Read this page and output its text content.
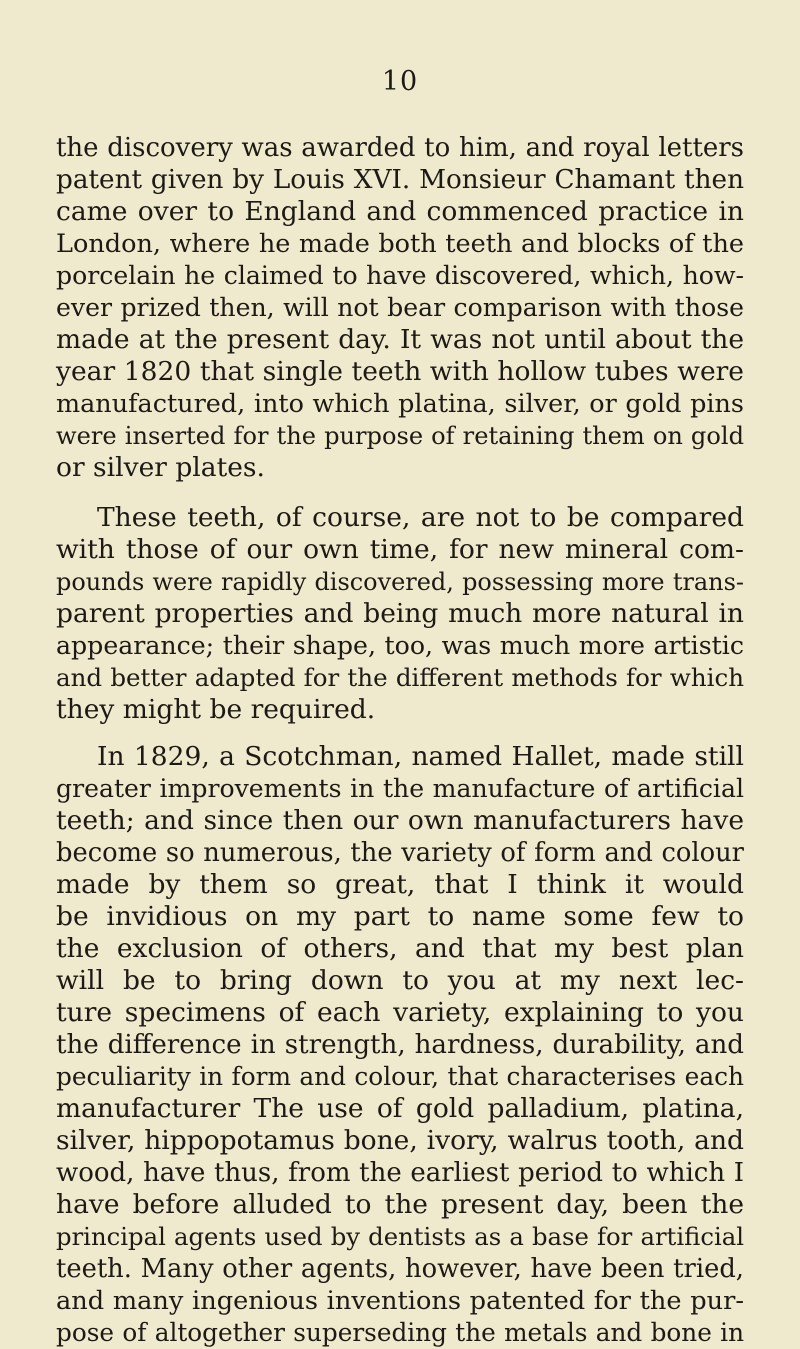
10
the discovery was awarded to him, and royal letters
patent given by Louis XVI. Monsieur Chamant then
came over to England and commenced practice in
London, where he made both teeth and blocks of the
porcelain he claimed to have discovered, which, how-
ever prized then, will not bear comparison with those
made at the present day. It was not until about the
year 1820 that single teeth with hollow tubes were
manufactured, into which platina, silver, or gold pins
were inserted for the purpose of retaining them on gold
or silver plates.
These teeth, of course, are not to be compared
with those of our own time, for new mineral com-
pounds were rapidly discovered, possessing more trans-
parent properties and being much more natural in
appearance; their shape, too, was much more artistic
and better adapted for the different methods for which
they might be required.
In 1829, a Scotchman, named Hallet, made still
greater improvements in the manufacture of artificial
teeth; and since then our own manufacturers have
become so numerous, the variety of form and colour
made by them so great, that I think it would
be invidious on my part to name some few to
the exclusion of others, and that my best plan
will be to bring down to you at my next lec-
ture specimens of each variety, explaining to you
the difference in strength, hardness, durability, and
peculiarity in form and colour, that characterises each
manufacturer The use of gold palladium, platina,
silver, hippopotamus bone, ivory, walrus tooth, and
wood, have thus, from the earliest period to which I
have before alluded to the present day, been the
principal agents used by dentists as a base for artificial
teeth. Many other agents, however, have been tried,
and many ingenious inventions patented for the pur-
pose of altogether superseding the metals and bone in
